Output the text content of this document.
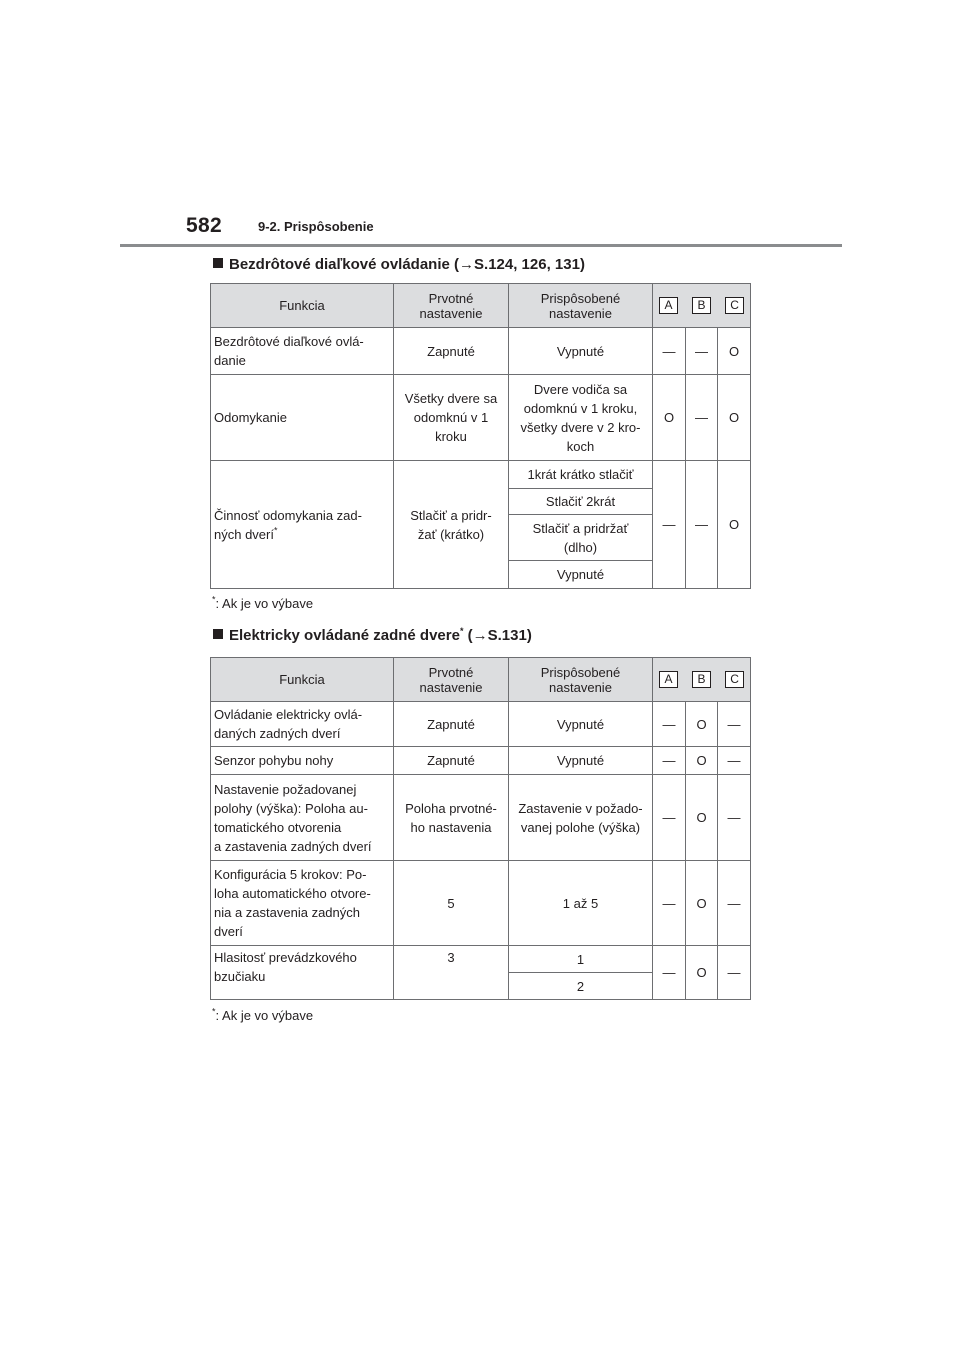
582	9-2. Prispôsobenie
Bezdrôtové diaľkové ovládanie (→S.124, 126, 131)
Funkcia	Prvotné nastavenie	Prispôsobené nastavenie	A B C		

Bezdrôtové diaľkové ovlá-
danie	Zapnuté	Vypnuté	—	—	O
Odomykanie	Všetky dvere sa
odomknú v 1
kroku	Dvere vodiča sa
odomknú v 1 kroku,
všetky dvere v 2 kro-
koch	O	—	O
Činnosť odomykania zad-
ných dverí*	Stlačiť a pridr-
žať (krátko)	1krát krátko stlačiť	—	—	O
		Stlačiť 2krát			
		Stlačiť a pridržať
(dlho)			
		Vypnuté			
*: Ak je vo výbave
Elektricky ovládané zadné dvere* (→S.131)
Funkcia	Prvotné nastavenie	Prispôsobené nastavenie	A B C		

Ovládanie elektricky ovlá-
daných zadných dverí	Zapnuté	Vypnuté	—	O	—
Senzor pohybu nohy	Zapnuté	Vypnuté	—	O	—
Nastavenie požadovanej
polohy (výška): Poloha au-
tomatického otvorenia
a zastavenia zadných dverí	Poloha prvotné-
ho nastavenia	Zastavenie v požado-
vanej polohe (výška)	—	O	—
Konfigurácia 5 krokov: Po-
loha automatického otvore-
nia a zastavenia zadných
dverí	5	1 až 5	—	O	—
Hlasitosť prevádzkového
bzučiaku	3	1	—	O	—
		2			
*: Ak je vo výbave
